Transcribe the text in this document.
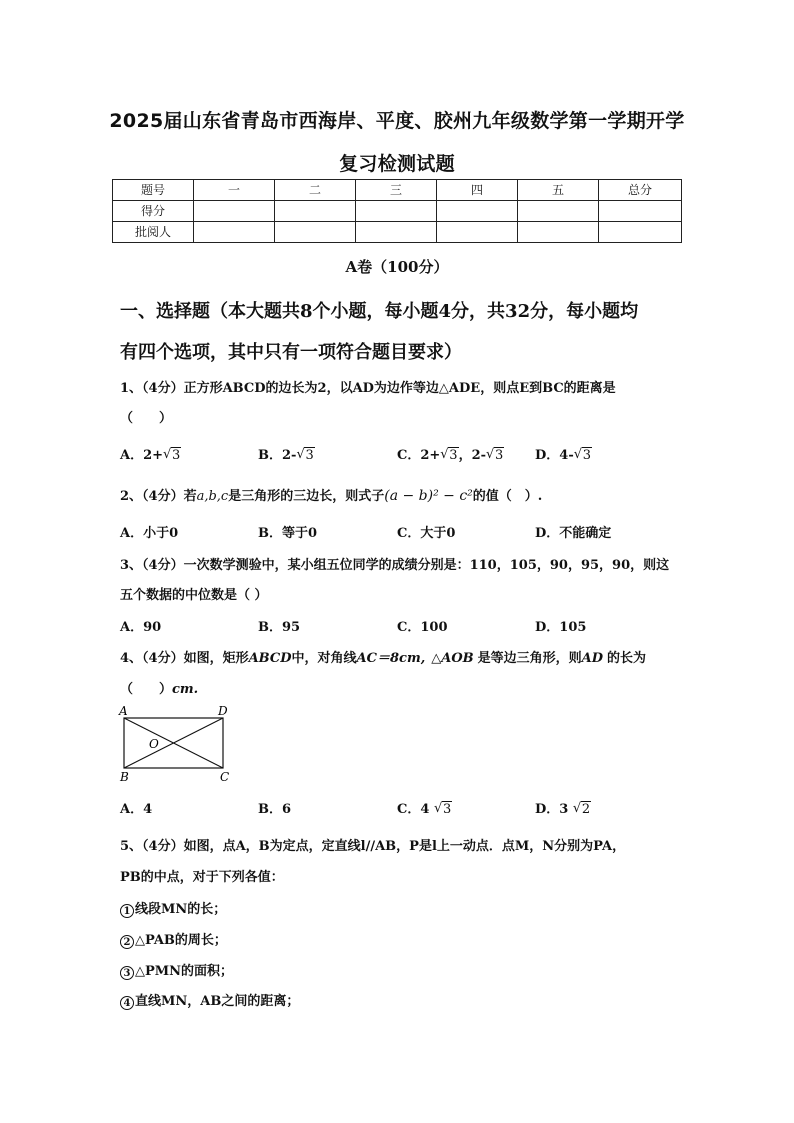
2025届山东省青岛市西海岸、平度、胶州九年级数学第一学期开学
复习检测试题
题号	一	二	三	四	五	总分
得分						
批阅人						
A卷（100分）
一、选择题（本大题共8个小题，每小题4分，共32分，每小题均
有四个选项，其中只有一项符合题目要求）
1、（4分）正方形ABCD的边长为2，以AD为边作等边△ADE，则点E到BC的距离是
（　　）
A．2+ √ 3	B．2- √ 3	C．2+ √ 3，2- √ 3 D．4- √ 3
2、（4分）若a,b,c是三角形的三边长，则式子(a − b)² − c²的值（　）.
A．小于0	B．等于0	C．大于0	D．不能确定
3、（4分）一次数学测验中，某小组五位同学的成绩分别是：110，105，90，95，90，则这
五个数据的中位数是（ ）
A．90	B．95	C．100	D．105
4、（4分）如图，矩形ABCD中，对角线AC＝8cm, △AOB 是等边三角形，则AD 的长为
（　　）cm.
A	D
O
B	C
A．4	B．6	C．4 √ 3	D．3 √ 2
5、（4分）如图，点A，B为定点，定直线l//AB，P是l上一动点．点M，N分别为PA，
PB的中点，对于下列各值：
1 线段MN的长；
2 △PAB的周长；
3 △PMN的面积；
4 直线MN，AB之间的距离；
